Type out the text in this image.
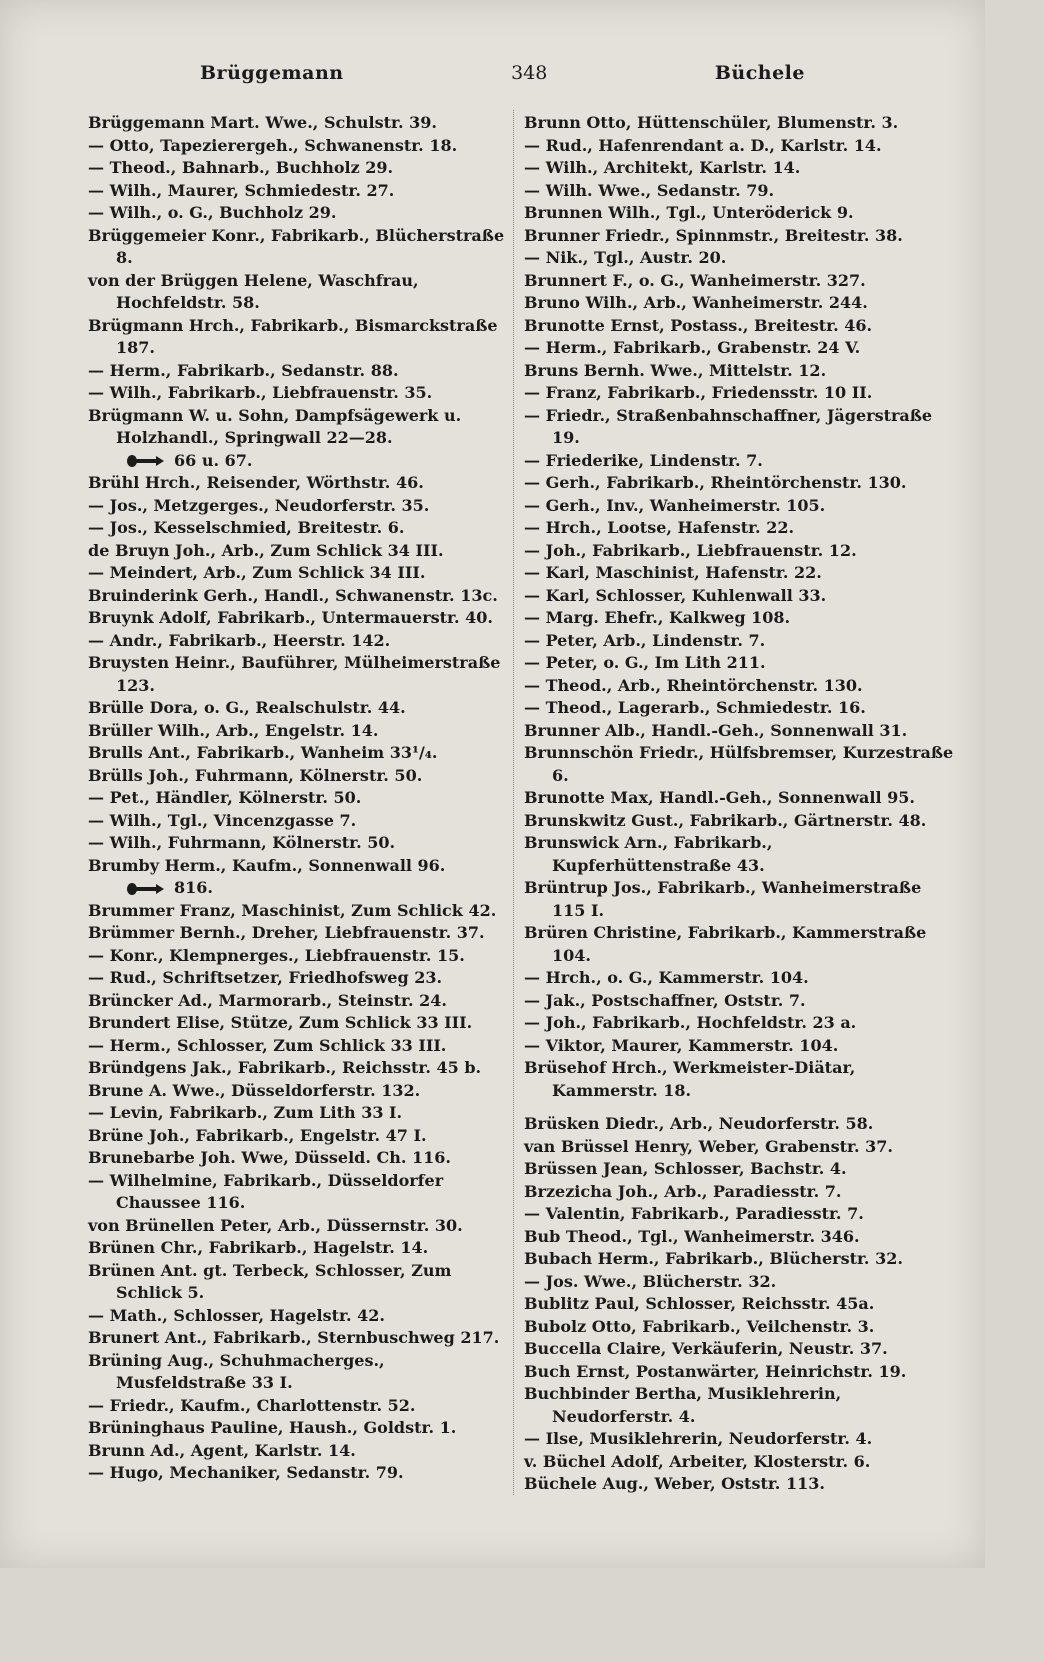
Brüggemann	348	Büchele

Brüggemann Mart. Wwe., Schulstr. 39.

— Otto, Tapezierergeh., Schwanenstr. 18.

— Theod., Bahnarb., Buchholz 29.

— Wilh., Maurer, Schmiedestr. 27.

— Wilh., o. G., Buchholz 29.

Brüggemeier Konr., Fabrikarb., Blücherstraße 8.

von der Brüggen Helene, Waschfrau, Hochfeldstr. 58.

Brügmann Hrch., Fabrikarb., Bismarckstraße 187.

— Herm., Fabrikarb., Sedanstr. 88.

— Wilh., Fabrikarb., Liebfrauenstr. 35.

Brügmann W. u. Sohn, Dampfsägewerk u. Holzhandl., Springwall 22—28.

66 u. 67.

Brühl Hrch., Reisender, Wörthstr. 46.

— Jos., Metzgerges., Neudorferstr. 35.

— Jos., Kesselschmied, Breitestr. 6.

de Bruyn Joh., Arb., Zum Schlick 34 III.

— Meindert, Arb., Zum Schlick 34 III.

Bruinderink Gerh., Handl., Schwanenstr. 13c.

Bruynk Adolf, Fabrikarb., Untermauerstr. 40.

— Andr., Fabrikarb., Heerstr. 142.

Bruysten Heinr., Bauführer, Mülheimerstraße 123.

Brülle Dora, o. G., Realschulstr. 44.

Brüller Wilh., Arb., Engelstr. 14.

Brulls Ant., Fabrikarb., Wanheim 33¹/₄.

Brülls Joh., Fuhrmann, Kölnerstr. 50.

— Pet., Händler, Kölnerstr. 50.

— Wilh., Tgl., Vincenzgasse 7.

— Wilh., Fuhrmann, Kölnerstr. 50.

Brumby Herm., Kaufm., Sonnenwall 96.

816.

Brummer Franz, Maschinist, Zum Schlick 42.

Brümmer Bernh., Dreher, Liebfrauenstr. 37.

— Konr., Klempnerges., Liebfrauenstr. 15.

— Rud., Schriftsetzer, Friedhofsweg 23.

Brüncker Ad., Marmorarb., Steinstr. 24.

Brundert Elise, Stütze, Zum Schlick 33 III.

— Herm., Schlosser, Zum Schlick 33 III.

Bründgens Jak., Fabrikarb., Reichsstr. 45 b.

Brune A. Wwe., Düsseldorferstr. 132.

— Levin, Fabrikarb., Zum Lith 33 I.

Brüne Joh., Fabrikarb., Engelstr. 47 I.

Brunebarbe Joh. Wwe, Düsseld. Ch. 116.

— Wilhelmine, Fabrikarb., Düsseldorfer Chaussee 116.

von Brünellen Peter, Arb., Düssernstr. 30.

Brünen Chr., Fabrikarb., Hagelstr. 14.

Brünen Ant. gt. Terbeck, Schlosser, Zum Schlick 5.

— Math., Schlosser, Hagelstr. 42.

Brunert Ant., Fabrikarb., Sternbuschweg 217.

Brüning Aug., Schuhmacherges., Musfeldstraße 33 I.

— Friedr., Kaufm., Charlottenstr. 52.

Brüninghaus Pauline, Haush., Goldstr. 1.

Brunn Ad., Agent, Karlstr. 14.

— Hugo, Mechaniker, Sedanstr. 79.

Brunn Otto, Hüttenschüler, Blumenstr. 3.

— Rud., Hafenrendant a. D., Karlstr. 14.

— Wilh., Architekt, Karlstr. 14.

— Wilh. Wwe., Sedanstr. 79.

Brunnen Wilh., Tgl., Unteröderick 9.

Brunner Friedr., Spinnmstr., Breitestr. 38.

— Nik., Tgl., Austr. 20.

Brunnert F., o. G., Wanheimerstr. 327.

Bruno Wilh., Arb., Wanheimerstr. 244.

Brunotte Ernst, Postass., Breitestr. 46.

— Herm., Fabrikarb., Grabenstr. 24 V.

Bruns Bernh. Wwe., Mittelstr. 12.

— Franz, Fabrikarb., Friedensstr. 10 II.

— Friedr., Straßenbahnschaffner, Jägerstraße 19.

— Friederike, Lindenstr. 7.

— Gerh., Fabrikarb., Rheintörchenstr. 130.

— Gerh., Inv., Wanheimerstr. 105.

— Hrch., Lootse, Hafenstr. 22.

— Joh., Fabrikarb., Liebfrauenstr. 12.

— Karl, Maschinist, Hafenstr. 22.

— Karl, Schlosser, Kuhlenwall 33.

— Marg. Ehefr., Kalkweg 108.

— Peter, Arb., Lindenstr. 7.

— Peter, o. G., Im Lith 211.

— Theod., Arb., Rheintörchenstr. 130.

— Theod., Lagerarb., Schmiedestr. 16.

Brunner Alb., Handl.-Geh., Sonnenwall 31.

Brunnschön Friedr., Hülfsbremser, Kurzestraße 6.

Brunotte Max, Handl.-Geh., Sonnenwall 95.

Brunskwitz Gust., Fabrikarb., Gärtnerstr. 48.

Brunswick Arn., Fabrikarb., Kupferhüttenstraße 43.

Brüntrup Jos., Fabrikarb., Wanheimerstraße 115 I.

Brüren Christine, Fabrikarb., Kammerstraße 104.

— Hrch., o. G., Kammerstr. 104.

— Jak., Postschaffner, Oststr. 7.

— Joh., Fabrikarb., Hochfeldstr. 23 a.

— Viktor, Maurer, Kammerstr. 104.

Brüsehof Hrch., Werkmeister-Diätar, Kammerstr. 18.

Brüsken Diedr., Arb., Neudorferstr. 58.

van Brüssel Henry, Weber, Grabenstr. 37.

Brüssen Jean, Schlosser, Bachstr. 4.

Brzezicha Joh., Arb., Paradiesstr. 7.

— Valentin, Fabrikarb., Paradiesstr. 7.

Bub Theod., Tgl., Wanheimerstr. 346.

Bubach Herm., Fabrikarb., Blücherstr. 32.

— Jos. Wwe., Blücherstr. 32.

Bublitz Paul, Schlosser, Reichsstr. 45a.

Bubolz Otto, Fabrikarb., Veilchenstr. 3.

Buccella Claire, Verkäuferin, Neustr. 37.

Buch Ernst, Postanwärter, Heinrichstr. 19.

Buchbinder Bertha, Musiklehrerin, Neudorferstr. 4.

— Ilse, Musiklehrerin, Neudorferstr. 4.

v. Büchel Adolf, Arbeiter, Klosterstr. 6.

Büchele Aug., Weber, Oststr. 113.
